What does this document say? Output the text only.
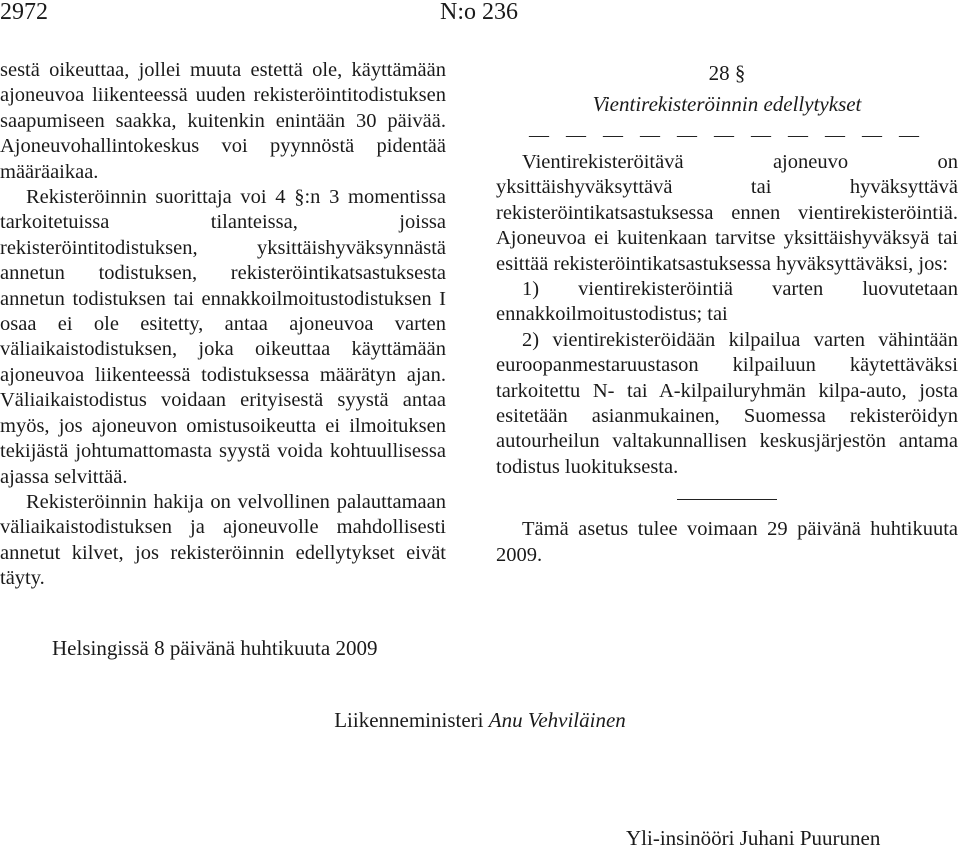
2972	N:o 236

sestä oikeuttaa, jollei muuta estettä ole, käyttämään ajoneuvoa liikenteessä uuden rekisteröintitodistuksen saapumiseen saakka, kuitenkin enintään 30 päivää. Ajoneuvohallintokeskus voi pyynnöstä pidentää määräaikaa.

Rekisteröinnin suorittaja voi 4 §:n 3 momentissa tarkoitetuissa tilanteissa, joissa rekisteröintitodistuksen, yksittäishyväksynnästä annetun todistuksen, rekisteröintikatsastuksesta annetun todistuksen tai ennakkoilmoitustodistuksen I osaa ei ole esitetty, antaa ajoneuvoa varten väliaikaistodistuksen, joka oikeuttaa käyttämään ajoneuvoa liikenteessä todistuksessa määrätyn ajan. Väliaikaistodistus voidaan erityisestä syystä antaa myös, jos ajoneuvon omistusoikeutta ei ilmoituksen tekijästä johtumattomasta syystä voida kohtuullisessa ajassa selvittää.

Rekisteröinnin hakija on velvollinen palauttamaan väliaikaistodistuksen ja ajoneuvolle mahdollisesti annetut kilvet, jos rekisteröinnin edellytykset eivät täyty.

28 §
Vientirekisteröinnin edellytykset
— — — — — — — — — — —

Vientirekisteröitävä ajoneuvo on yksittäishyväksyttävä tai hyväksyttävä rekisteröintikatsastuksessa ennen vientirekisteröintiä. Ajoneuvoa ei kuitenkaan tarvitse yksittäishyväksyä tai esittää rekisteröintikatsastuksessa hyväksyttäväksi, jos:

1) vientirekisteröintiä varten luovutetaan ennakkoilmoitustodistus; tai

2) vientirekisteröidään kilpailua varten vähintään euroopanmestaruustason kilpailuun käytettäväksi tarkoitettu N- tai A-kilpailuryhmän kilpa-auto, josta esitetään asianmukainen, Suomessa rekisteröidyn autourheilun valtakunnallisen keskusjärjestön antama todistus luokituksesta.

Tämä asetus tulee voimaan 29 päivänä huhtikuuta 2009.

Helsingissä 8 päivänä huhtikuuta 2009
Liikenneministeri Anu Vehviläinen
Yli-insinööri Juhani Puurunen
